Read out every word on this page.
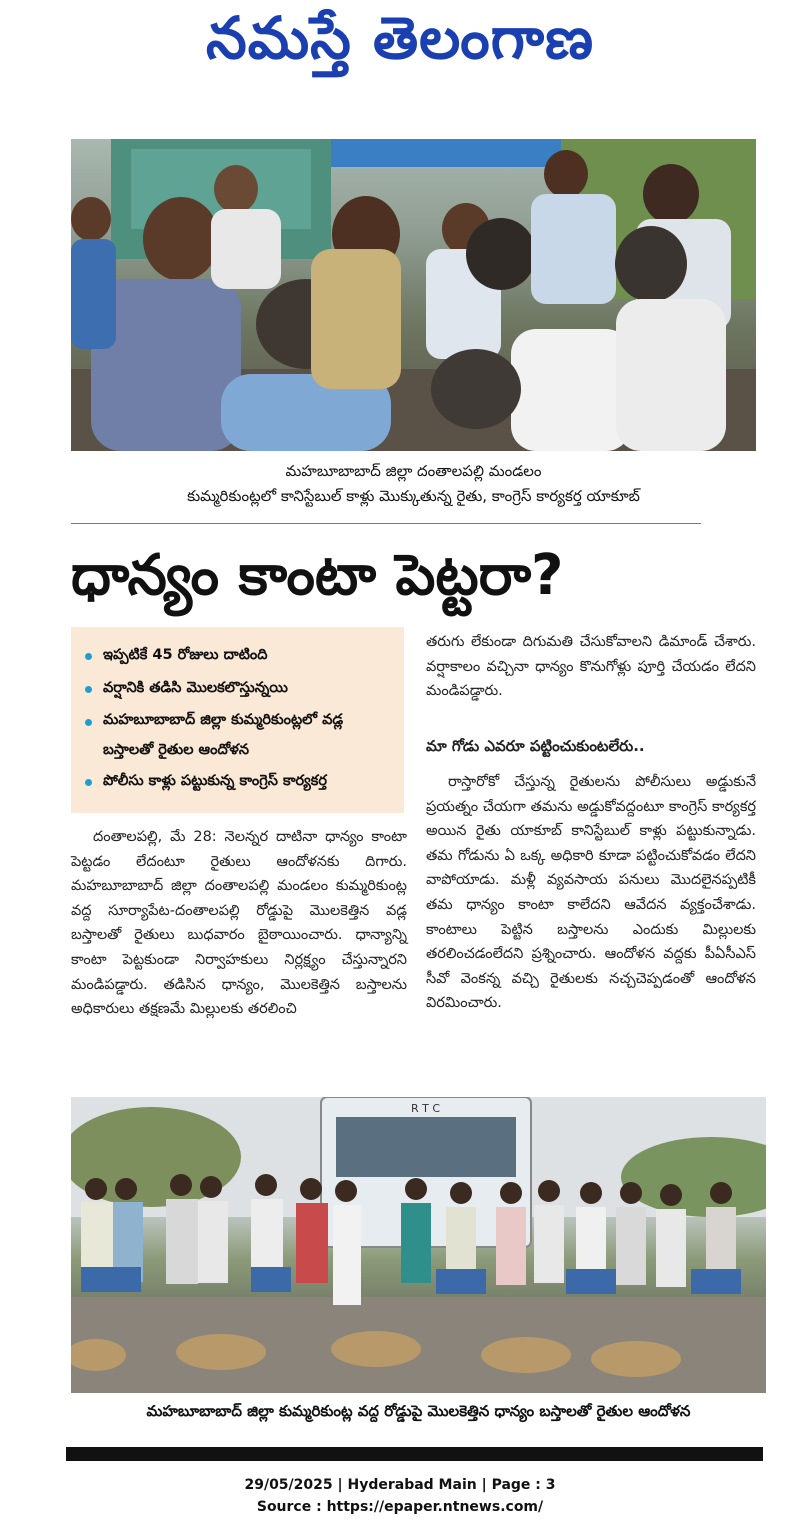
నమస్తే తెలంగాణ
మహబూబాబాద్ జిల్లా దంతాలపల్లి మండలం
కుమ్మరికుంట్లలో కానిస్టేబుల్ కాళ్లు మొక్కుతున్న రైతు, కాంగ్రెస్ కార్యకర్త యాకూబ్
ధాన్యం కాంటా పెట్టరా?
ఇప్పటికే 45 రోజులు దాటింది
వర్షానికి తడిసి మొలకలొస్తున్నయి
మహబూబాబాద్ జిల్లా కుమ్మరికుంట్లలో వడ్ల బస్తాలతో రైతుల ఆందోళన
పోలీసు కాళ్లు పట్టుకున్న కాంగ్రెస్ కార్యకర్త

దంతాలపల్లి, మే 28: నెలన్నర దాటినా ధాన్యం కాంటా పెట్టడం లేదంటూ రైతులు ఆందోళనకు దిగారు. మహబూబాబాద్ జిల్లా దంతాలపల్లి మండలం కుమ్మరికుంట్ల వద్ద సూర్యాపేట-దంతాలపల్లి రోడ్డుపై మొలకెత్తిన వడ్ల బస్తాలతో రైతులు బుధవారం బైఠాయించారు. ధాన్యాన్ని కాంటా పెట్టకుండా నిర్వాహకులు నిర్లక్ష్యం చేస్తున్నారని మండిపడ్డారు. తడిసిన ధాన్యం, మొలకెత్తిన బస్తాలను అధికారులు తక్షణమే మిల్లులకు తరలించి

తరుగు లేకుండా దిగుమతి చేసుకోవాలని డిమాండ్ చేశారు. వర్షాకాలం వచ్చినా ధాన్యం కొనుగోళ్లు పూర్తి చేయడం లేదని మండిపడ్డారు.

మా గోడు ఎవరూ పట్టించుకుంటలేరు..

రాస్తారోకో చేస్తున్న రైతులను పోలీసులు అడ్డుకునే ప్రయత్నం చేయగా తమను అడ్డుకోవద్దంటూ కాంగ్రెస్ కార్యకర్త అయిన రైతు యాకూబ్ కానిస్టేబుల్ కాళ్లు పట్టుకున్నాడు. తమ గోడును ఏ ఒక్క అధికారి కూడా పట్టించుకోవడం లేదని వాపోయాడు. మళ్లీ వ్యవసాయ పనులు మొదలైనప్పటికీ తమ ధాన్యం కాంటా కాలేదని ఆవేదన వ్యక్తంచేశాడు. కాంటాలు పెట్టిన బస్తాలను ఎందుకు మిల్లులకు తరలించడంలేదని ప్రశ్నించారు. ఆందోళన వద్దకు పీఏసీఎస్ సీవో వెంకన్న వచ్చి రైతులకు నచ్చచెప్పడంతో ఆందోళన విరమించారు.

R T C
మహబూబాబాద్ జిల్లా కుమ్మరికుంట్ల వద్ద రోడ్డుపై మొలకెత్తిన ధాన్యం బస్తాలతో రైతుల ఆందోళన
29/05/2025 | Hyderabad Main | Page : 3
Source : https://epaper.ntnews.com/
